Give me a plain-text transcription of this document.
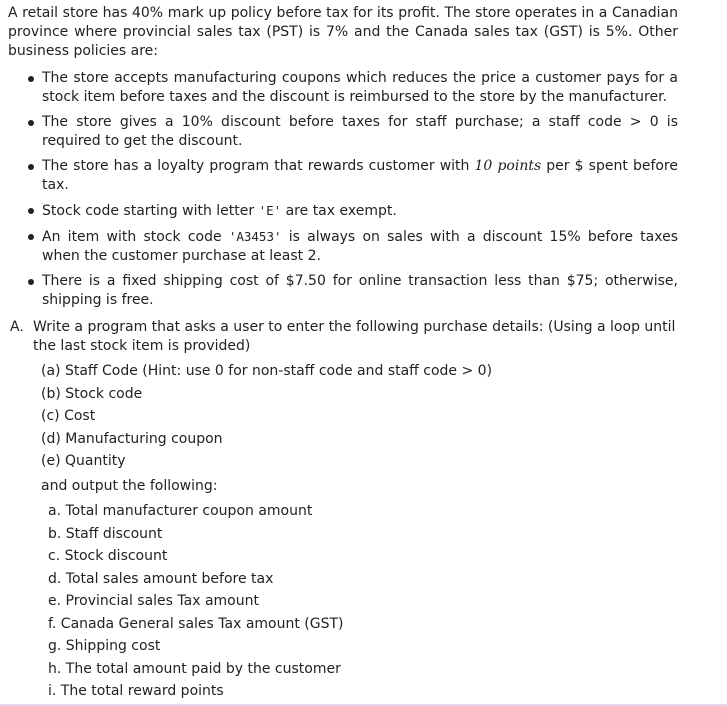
A retail store has 40% mark up policy before tax for its profit. The store operates in a Canadian province where provincial sales tax (PST) is 7% and the Canada sales tax (GST) is 5%. Other business policies are:

The store accepts manufacturing coupons which reduces the price a customer pays for a stock item before taxes and the discount is reimbursed to the store by the manufacturer.
The store gives a 10% discount before taxes for staff purchase; a staff code > 0 is required to get the discount.
The store has a loyalty program that rewards customer with 10 points per $ spent before tax.
Stock code starting with letter 'E' are tax exempt.
An item with stock code 'A3453' is always on sales with a discount 15% before taxes when the customer purchase at least 2.
There is a fixed shipping cost of $7.50 for online transaction less than $75; otherwise, shipping is free.
A. Write a program that asks a user to enter the following purchase details: (Using a loop until the last stock item is provided)
(a) Staff Code (Hint: use 0 for non-staff code and staff code > 0)
(b) Stock code
(c) Cost
(d) Manufacturing coupon
(e) Quantity
and output the following:
a. Total manufacturer coupon amount
b. Staff discount
c. Stock discount
d. Total sales amount before tax
e. Provincial sales Tax amount
f. Canada General sales Tax amount (GST)
g. Shipping cost
h. The total amount paid by the customer
i. The total reward points
